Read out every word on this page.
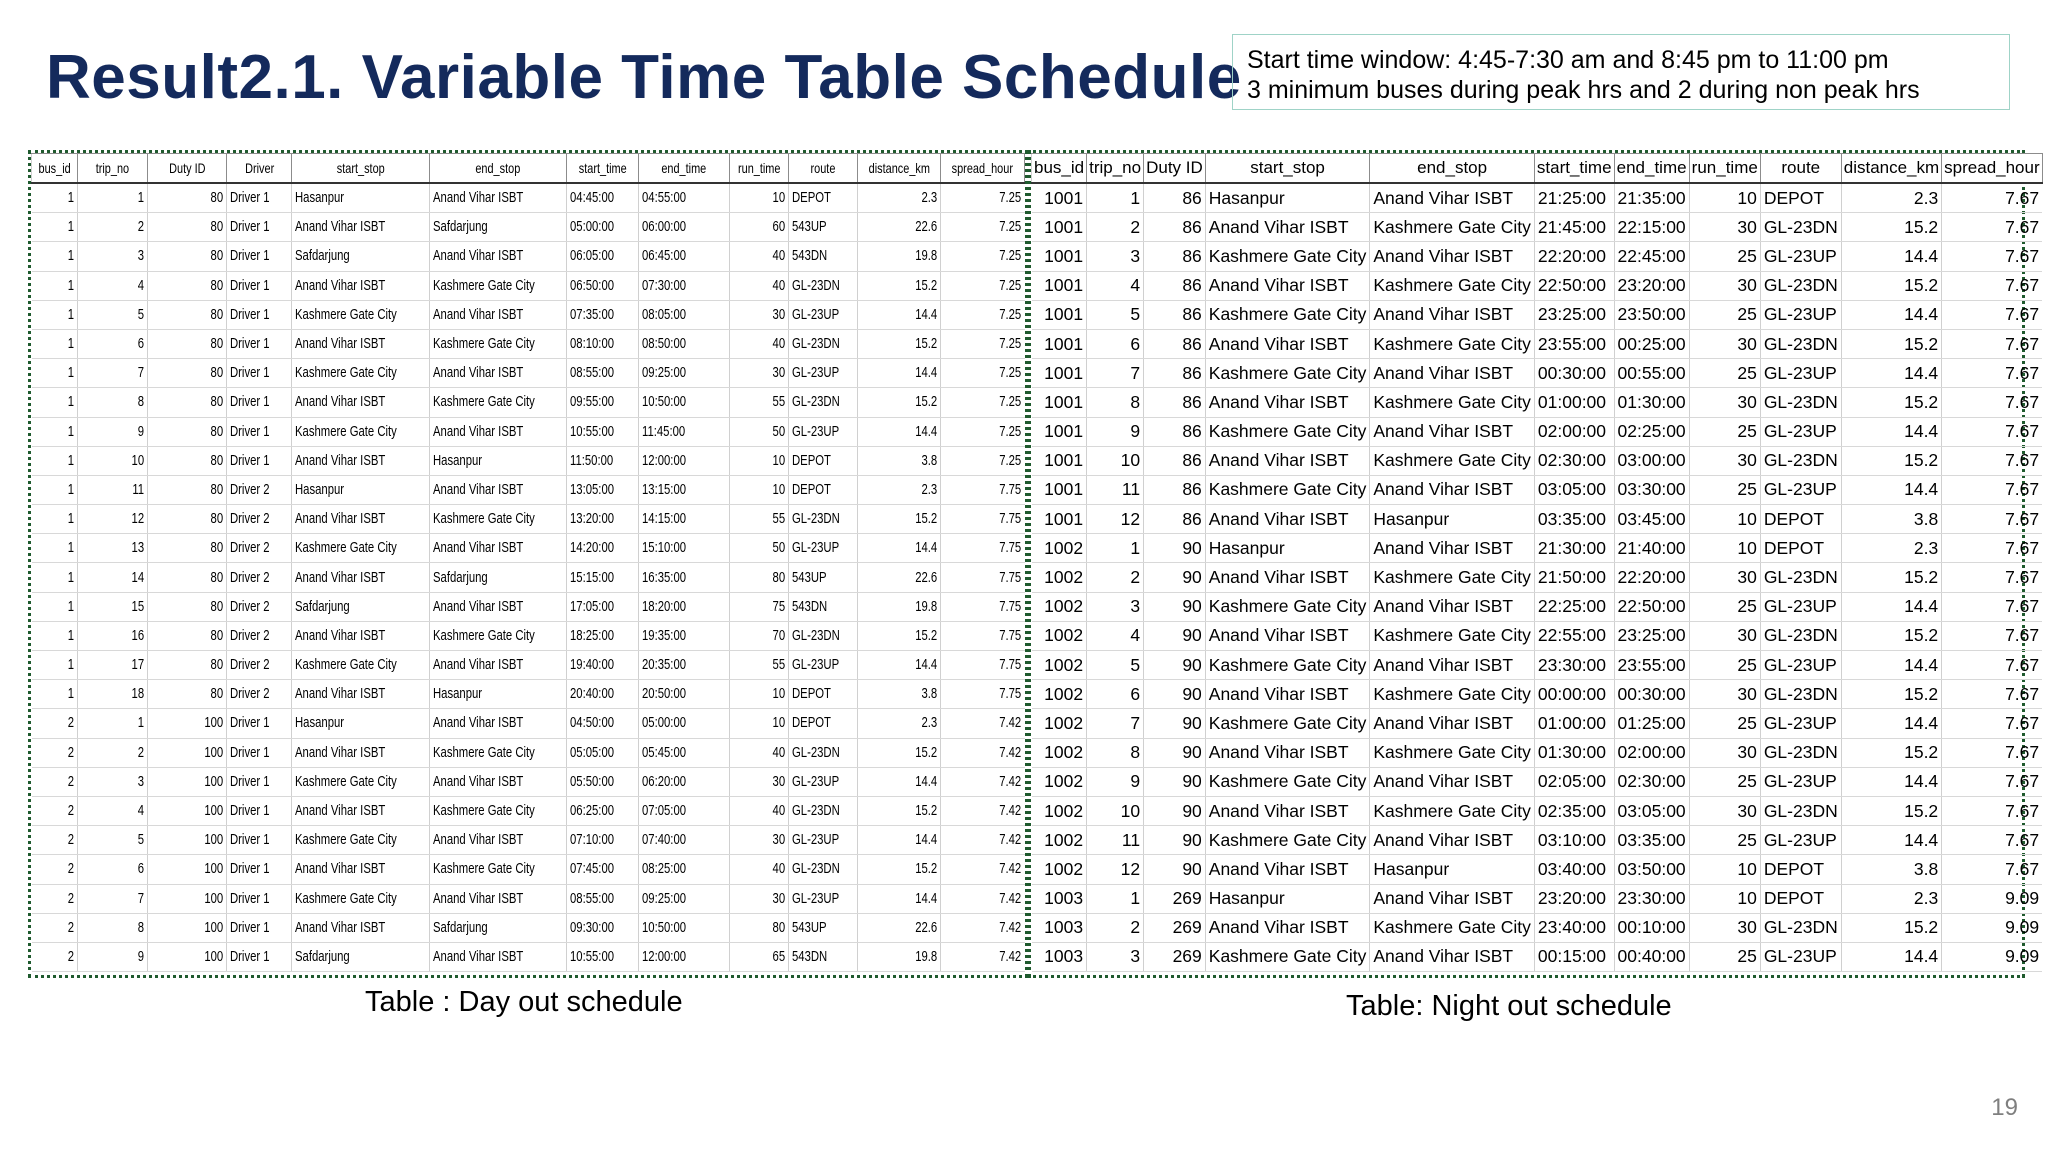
Result2.1. Variable Time Table Schedule Start time window: 4:45-7:30 am and 8:45 pm to 11:00 pm
3 minimum buses during peak hrs and 2 during non peak hrs
bus_id	trip_no	Duty ID	Driver	start_stop	end_stop	start_time	end_time	run_time	route	distance_km	spread_hour
1	1	80	Driver 1	Hasanpur	Anand Vihar ISBT	04:45:00	04:55:00	10	DEPOT	2.3	7.25
1	2	80	Driver 1	Anand Vihar ISBT	Safdarjung	05:00:00	06:00:00	60	543UP	22.6	7.25
1	3	80	Driver 1	Safdarjung	Anand Vihar ISBT	06:05:00	06:45:00	40	543DN	19.8	7.25
1	4	80	Driver 1	Anand Vihar ISBT	Kashmere Gate City	06:50:00	07:30:00	40	GL-23DN	15.2	7.25
1	5	80	Driver 1	Kashmere Gate City	Anand Vihar ISBT	07:35:00	08:05:00	30	GL-23UP	14.4	7.25
1	6	80	Driver 1	Anand Vihar ISBT	Kashmere Gate City	08:10:00	08:50:00	40	GL-23DN	15.2	7.25
1	7	80	Driver 1	Kashmere Gate City	Anand Vihar ISBT	08:55:00	09:25:00	30	GL-23UP	14.4	7.25
1	8	80	Driver 1	Anand Vihar ISBT	Kashmere Gate City	09:55:00	10:50:00	55	GL-23DN	15.2	7.25
1	9	80	Driver 1	Kashmere Gate City	Anand Vihar ISBT	10:55:00	11:45:00	50	GL-23UP	14.4	7.25
1	10	80	Driver 1	Anand Vihar ISBT	Hasanpur	11:50:00	12:00:00	10	DEPOT	3.8	7.25
1	11	80	Driver 2	Hasanpur	Anand Vihar ISBT	13:05:00	13:15:00	10	DEPOT	2.3	7.75
1	12	80	Driver 2	Anand Vihar ISBT	Kashmere Gate City	13:20:00	14:15:00	55	GL-23DN	15.2	7.75
1	13	80	Driver 2	Kashmere Gate City	Anand Vihar ISBT	14:20:00	15:10:00	50	GL-23UP	14.4	7.75
1	14	80	Driver 2	Anand Vihar ISBT	Safdarjung	15:15:00	16:35:00	80	543UP	22.6	7.75
1	15	80	Driver 2	Safdarjung	Anand Vihar ISBT	17:05:00	18:20:00	75	543DN	19.8	7.75
1	16	80	Driver 2	Anand Vihar ISBT	Kashmere Gate City	18:25:00	19:35:00	70	GL-23DN	15.2	7.75
1	17	80	Driver 2	Kashmere Gate City	Anand Vihar ISBT	19:40:00	20:35:00	55	GL-23UP	14.4	7.75
1	18	80	Driver 2	Anand Vihar ISBT	Hasanpur	20:40:00	20:50:00	10	DEPOT	3.8	7.75
2	1	100	Driver 1	Hasanpur	Anand Vihar ISBT	04:50:00	05:00:00	10	DEPOT	2.3	7.42
2	2	100	Driver 1	Anand Vihar ISBT	Kashmere Gate City	05:05:00	05:45:00	40	GL-23DN	15.2	7.42
2	3	100	Driver 1	Kashmere Gate City	Anand Vihar ISBT	05:50:00	06:20:00	30	GL-23UP	14.4	7.42
2	4	100	Driver 1	Anand Vihar ISBT	Kashmere Gate City	06:25:00	07:05:00	40	GL-23DN	15.2	7.42
2	5	100	Driver 1	Kashmere Gate City	Anand Vihar ISBT	07:10:00	07:40:00	30	GL-23UP	14.4	7.42
2	6	100	Driver 1	Anand Vihar ISBT	Kashmere Gate City	07:45:00	08:25:00	40	GL-23DN	15.2	7.42
2	7	100	Driver 1	Kashmere Gate City	Anand Vihar ISBT	08:55:00	09:25:00	30	GL-23UP	14.4	7.42
2	8	100	Driver 1	Anand Vihar ISBT	Safdarjung	09:30:00	10:50:00	80	543UP	22.6	7.42
2	9	100	Driver 1	Safdarjung	Anand Vihar ISBT	10:55:00	12:00:00	65	543DN	19.8	7.42
bus_id	trip_no	Duty ID	start_stop	end_stop	start_time	end_time	run_time	route	distance_km	spread_hour
1001	1	86	Hasanpur	Anand Vihar ISBT	21:25:00	21:35:00	10	DEPOT	2.3	7.67
1001	2	86	Anand Vihar ISBT	Kashmere Gate City	21:45:00	22:15:00	30	GL-23DN	15.2	7.67
1001	3	86	Kashmere Gate City	Anand Vihar ISBT	22:20:00	22:45:00	25	GL-23UP	14.4	7.67
1001	4	86	Anand Vihar ISBT	Kashmere Gate City	22:50:00	23:20:00	30	GL-23DN	15.2	7.67
1001	5	86	Kashmere Gate City	Anand Vihar ISBT	23:25:00	23:50:00	25	GL-23UP	14.4	7.67
1001	6	86	Anand Vihar ISBT	Kashmere Gate City	23:55:00	00:25:00	30	GL-23DN	15.2	7.67
1001	7	86	Kashmere Gate City	Anand Vihar ISBT	00:30:00	00:55:00	25	GL-23UP	14.4	7.67
1001	8	86	Anand Vihar ISBT	Kashmere Gate City	01:00:00	01:30:00	30	GL-23DN	15.2	7.67
1001	9	86	Kashmere Gate City	Anand Vihar ISBT	02:00:00	02:25:00	25	GL-23UP	14.4	7.67
1001	10	86	Anand Vihar ISBT	Kashmere Gate City	02:30:00	03:00:00	30	GL-23DN	15.2	7.67
1001	11	86	Kashmere Gate City	Anand Vihar ISBT	03:05:00	03:30:00	25	GL-23UP	14.4	7.67
1001	12	86	Anand Vihar ISBT	Hasanpur	03:35:00	03:45:00	10	DEPOT	3.8	7.67
1002	1	90	Hasanpur	Anand Vihar ISBT	21:30:00	21:40:00	10	DEPOT	2.3	7.67
1002	2	90	Anand Vihar ISBT	Kashmere Gate City	21:50:00	22:20:00	30	GL-23DN	15.2	7.67
1002	3	90	Kashmere Gate City	Anand Vihar ISBT	22:25:00	22:50:00	25	GL-23UP	14.4	7.67
1002	4	90	Anand Vihar ISBT	Kashmere Gate City	22:55:00	23:25:00	30	GL-23DN	15.2	7.67
1002	5	90	Kashmere Gate City	Anand Vihar ISBT	23:30:00	23:55:00	25	GL-23UP	14.4	7.67
1002	6	90	Anand Vihar ISBT	Kashmere Gate City	00:00:00	00:30:00	30	GL-23DN	15.2	7.67
1002	7	90	Kashmere Gate City	Anand Vihar ISBT	01:00:00	01:25:00	25	GL-23UP	14.4	7.67
1002	8	90	Anand Vihar ISBT	Kashmere Gate City	01:30:00	02:00:00	30	GL-23DN	15.2	7.67
1002	9	90	Kashmere Gate City	Anand Vihar ISBT	02:05:00	02:30:00	25	GL-23UP	14.4	7.67
1002	10	90	Anand Vihar ISBT	Kashmere Gate City	02:35:00	03:05:00	30	GL-23DN	15.2	7.67
1002	11	90	Kashmere Gate City	Anand Vihar ISBT	03:10:00	03:35:00	25	GL-23UP	14.4	7.67
1002	12	90	Anand Vihar ISBT	Hasanpur	03:40:00	03:50:00	10	DEPOT	3.8	7.67
1003	1	269	Hasanpur	Anand Vihar ISBT	23:20:00	23:30:00	10	DEPOT	2.3	9.09
1003	2	269	Anand Vihar ISBT	Kashmere Gate City	23:40:00	00:10:00	30	GL-23DN	15.2	9.09
1003	3	269	Kashmere Gate City	Anand Vihar ISBT	00:15:00	00:40:00	25	GL-23UP	14.4	9.09
Table : Day out schedule	Table: Night out schedule
19
